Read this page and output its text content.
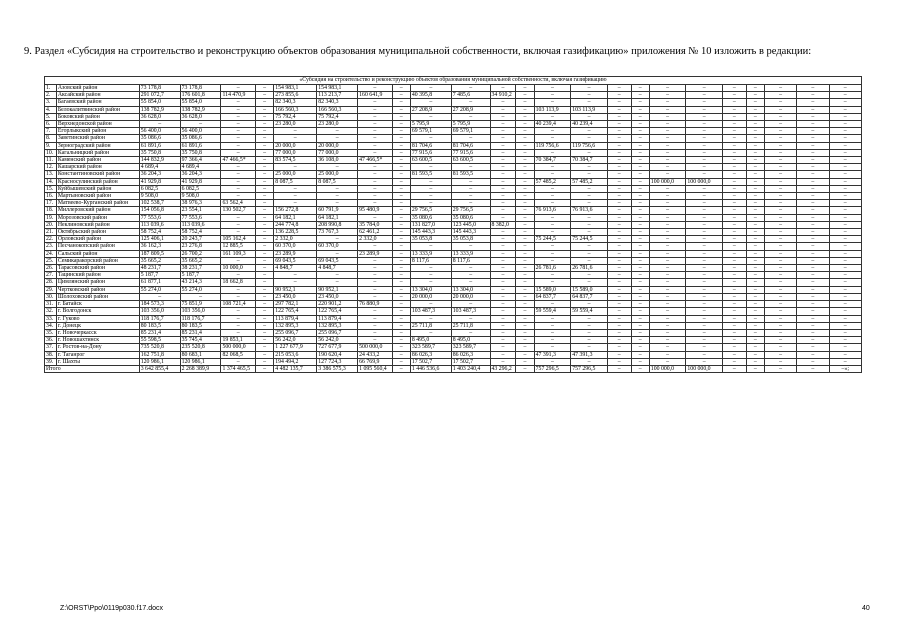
9. Раздел «Субсидия на строительство и реконструкцию объектов образования муниципальной собственности, включая газификацию» приложения № 10 изложить в редакции:
«Субсидия на строительство и реконструкцию объектов образования муниципальной собственности, включая газификацию																								
1.	Азовский район	73 178,8	73 178,8	–	–	154 983,1	154 983,1	–	–	–	–	–	–	–	–	–	–	–	–	–	–	–	–	–
2.	Аксайский район	291 072,7	176 601,8	114 470,9	–	273 855,6	113 213,7	160 641,9	–	40 395,8	7 485,6	34 910,2	–	–	–	–	–	–	–	–	–	–	–	–
3.	Багаевский район	55 854,0	55 854,0	–	–	82 340,3	82 340,3	–	–	–	–	–	–	–	–	–	–	–	–	–	–	–	–	–
4.	Белокалитвинский район	138 782,9	138 782,9	–	–	166 560,3	166 560,3	–	–	27 208,9	27 208,9	–	–	103 113,9	103 113,9	–	–	–	–	–	–	–	–	–
5.	Боковский район	36 628,0	36 628,0	–	–	75 792,4	75 792,4	–	–	–	–	–	–	–	–	–	–	–	–	–	–	–	–	–
6.	Верхнедонской район	–	–	–	–	23 280,0	23 280,0	–	–	5 795,9	5 795,9	–	–	40 239,4	40 239,4	–	–	–	–	–	–	–	–	–
7.	Егорлыкский район	56 400,0	56 400,0	–	–	–	–	–	–	69 579,1	69 579,1	–	–	–	–	–	–	–	–	–	–	–	–	–
8.	Заветинский район	35 086,6	35 086,6	–	–	–	–	–	–	–	–	–	–	–	–	–	–	–	–	–	–	–	–	–
9.	Зерноградский район	61 891,6	61 891,6	–	–	20 000,0	20 000,0	–	–	81 704,6	81 704,6	–	–	119 756,6	119 756,6	–	–	–	–	–	–	–	–	–
10.	Кагальницкий район	35 750,8	35 750,8	–	–	77 000,0	77 000,0	–	–	77 915,6	77 915,6	–	–	–	–	–	–	–	–	–	–	–	–	–
11.	Каменский район	144 832,9	97 366,4	47 466,5*	–	83 574,5	36 108,0	47 466,5*	–	63 600,5	63 600,5	–	–	70 384,7	70 384,7	–	–	–	–	–	–	–	–	–
12.	Кашарский район	4 689,4	4 689,4	–	–	–	–	–	–	–	–	–	–	–	–	–	–	–	–	–	–	–	–	–
13.	Константиновский район	36 204,3	36 204,3	–	–	25 000,0	25 000,0	–	–	81 593,5	81 593,5	–	–	–	–	–	–	–	–	–	–	–	–	–
14.	Красносулинский район	41 929,8	41 929,8	–	–	8 087,5	8 087,5	–	–	–	–	–	–	57 485,2	57 485,2	–	–	100 000,0	100 000,0	–	–	–	–	–
15.	Куйбышевский район	6 082,5	6 082,5	–	–	–	–	–	–	–	–	–	–	–	–	–	–	–	–	–	–	–	–	–
16.	Мартыновский район	9 508,0	9 508,0	–	–	–	–	–	–	–	–	–	–	–	–	–	–	–	–	–	–	–	–	–
17.	Матвеево-Курганский район	102 538,7	38 976,3	63 562,4	–	–	–	–	–	–	–	–	–	–	–	–	–	–	–	–	–	–	–	–
18.	Миллеровский район	154 056,8	23 554,1	130 502,7	–	156 272,8	60 791,9	95 480,9	–	29 756,5	29 756,5	–	–	76 913,6	76 913,6	–	–	–	–	–	–	–	–	–
19.	Морозовский район	77 553,6	77 553,6	–	–	64 182,1	64 182,1	–	–	35 080,6	35 080,6	–	–	–	–	–	–	–	–	–	–	–	–	–
20.	Неклиновский район	113 039,6	113 039,6	–	–	244 774,8	208 990,8	35 784,0	–	131 827,0	123 445,0	8 382,0	–	–	–	–	–	–	–	–	–	–	–	–
21.	Октябрьский район	58 752,4	58 752,4	–	–	136 228,5	73 767,3	62 461,2	–	145 443,3	145 443,3	–	–	–	–	–	–	–	–	–	–	–	–	–
22.	Орловский район	125 406,1	20 243,7	105 162,4	–	2 332,0	–	2 332,0	–	35 053,8	35 053,8	–	–	75 244,5	75 244,5	–	–	–	–	–	–	–	–	–
23.	Песчанокопский район	36 162,3	23 276,8	12 885,5	–	60 370,0	60 370,0	–	–	–	–	–	–	–	–	–	–	–	–	–	–	–	–	–
24.	Сальский район	187 809,5	26 700,2	161 109,3	–	23 289,9	–	23 289,9	–	13 333,9	13 333,9	–	–	–	–	–	–	–	–	–	–	–	–	–
25.	Семикаракорский район	35 665,2	35 665,2	–	–	69 043,5	69 043,5	–	–	8 117,6	8 117,6	–	–	–	–	–	–	–	–	–	–	–	–	–
26.	Тарасовский район	48 231,7	38 231,7	10 000,0	–	4 848,7	4 848,7	–	–	–	–	–	–	26 781,6	26 781,6	–	–	–	–	–	–	–	–	–
27.	Тацинский район	5 187,7	5 187,7	–	–	–	–	–	–	–	–	–	–	–	–	–	–	–	–	–	–	–	–	–
28.	Цимлянский район	61 877,1	43 214,3	18 662,8	–	–	–	–	–	–	–	–	–	–	–	–	–	–	–	–	–	–	–	–
29.	Чертковский район	55 274,0	55 274,0	–	–	90 952,1	90 952,1	–	–	13 304,0	13 304,0	–	–	15 589,0	15 589,0	–	–	–	–	–	–	–	–	–
30.	Шолоховский район	–	–	–	–	23 450,0	23 450,0	–	–	20 000,0	20 000,0	–	–	64 837,7	64 837,7	–	–	–	–	–	–	–	–	–
31.	г. Батайск	184 573,3	75 851,9	108 721,4	–	297 782,1	220 901,2	76 880,9	–	–	–	–	–	–	–	–	–	–	–	–	–	–	–	–
32.	г. Волгодонск	103 356,0	103 356,0	–	–	122 765,4	122 765,4	–	–	103 487,3	103 487,3	–	–	59 559,4	59 559,4	–	–	–	–	–	–	–	–	–
33.	г. Гуково	118 176,7	118 176,7	–	–	113 879,4	113 879,4	–	–	–	–	–	–	–	–	–	–	–	–	–	–	–	–	–
34.	г. Донецк	80 183,5	80 183,5	–	–	132 895,3	132 895,3	–	–	25 711,8	25 711,8	–	–	–	–	–	–	–	–	–	–	–	–	–
35.	г. Новочеркасск	85 231,4	85 231,4	–	–	255 096,7	255 096,7	–	–	–	–	–	–	–	–	–	–	–	–	–	–	–	–	–
36.	г. Новошахтинск	55 598,5	35 745,4	19 853,1	–	56 242,0	56 242,0	–	–	8 495,0	8 495,0	–	–	–	–	–	–	–	–	–	–	–	–	–
37.	г. Ростов-на-Дону	735 520,8	235 520,8	500 000,0	–	1 227 677,9	727 677,9	500 000,0	–	323 589,7	323 589,7	–	–	–	–	–	–	–	–	–	–	–	–	–
38.	г. Таганрог	162 751,8	80 683,1	82 068,5	–	215 053,6	190 620,4	24 433,2	–	86 026,3	86 026,3	–	–	47 391,3	47 391,3	–	–	–	–	–	–	–	–	–
39.	г. Шахты	120 986,1	120 986,1	–	–	194 494,2	127 724,3	66 769,9	–	17 502,7	17 502,7	–	–	–	–	–	–	–	–	–	–	–	–	–
Итого		3 642 855,4	2 268 389,9	1 374 465,5	–	4 482 135,7	3 386 575,3	1 095 560,4	–	1 446 536,6	1 403 240,4	43 296,2	–	757 296,5	757 296,5	–	–	100 000,0	100 000,0	–	–	–	–	–»;
Z:\ORST\Ppo\0119p030.f17.docx	40
